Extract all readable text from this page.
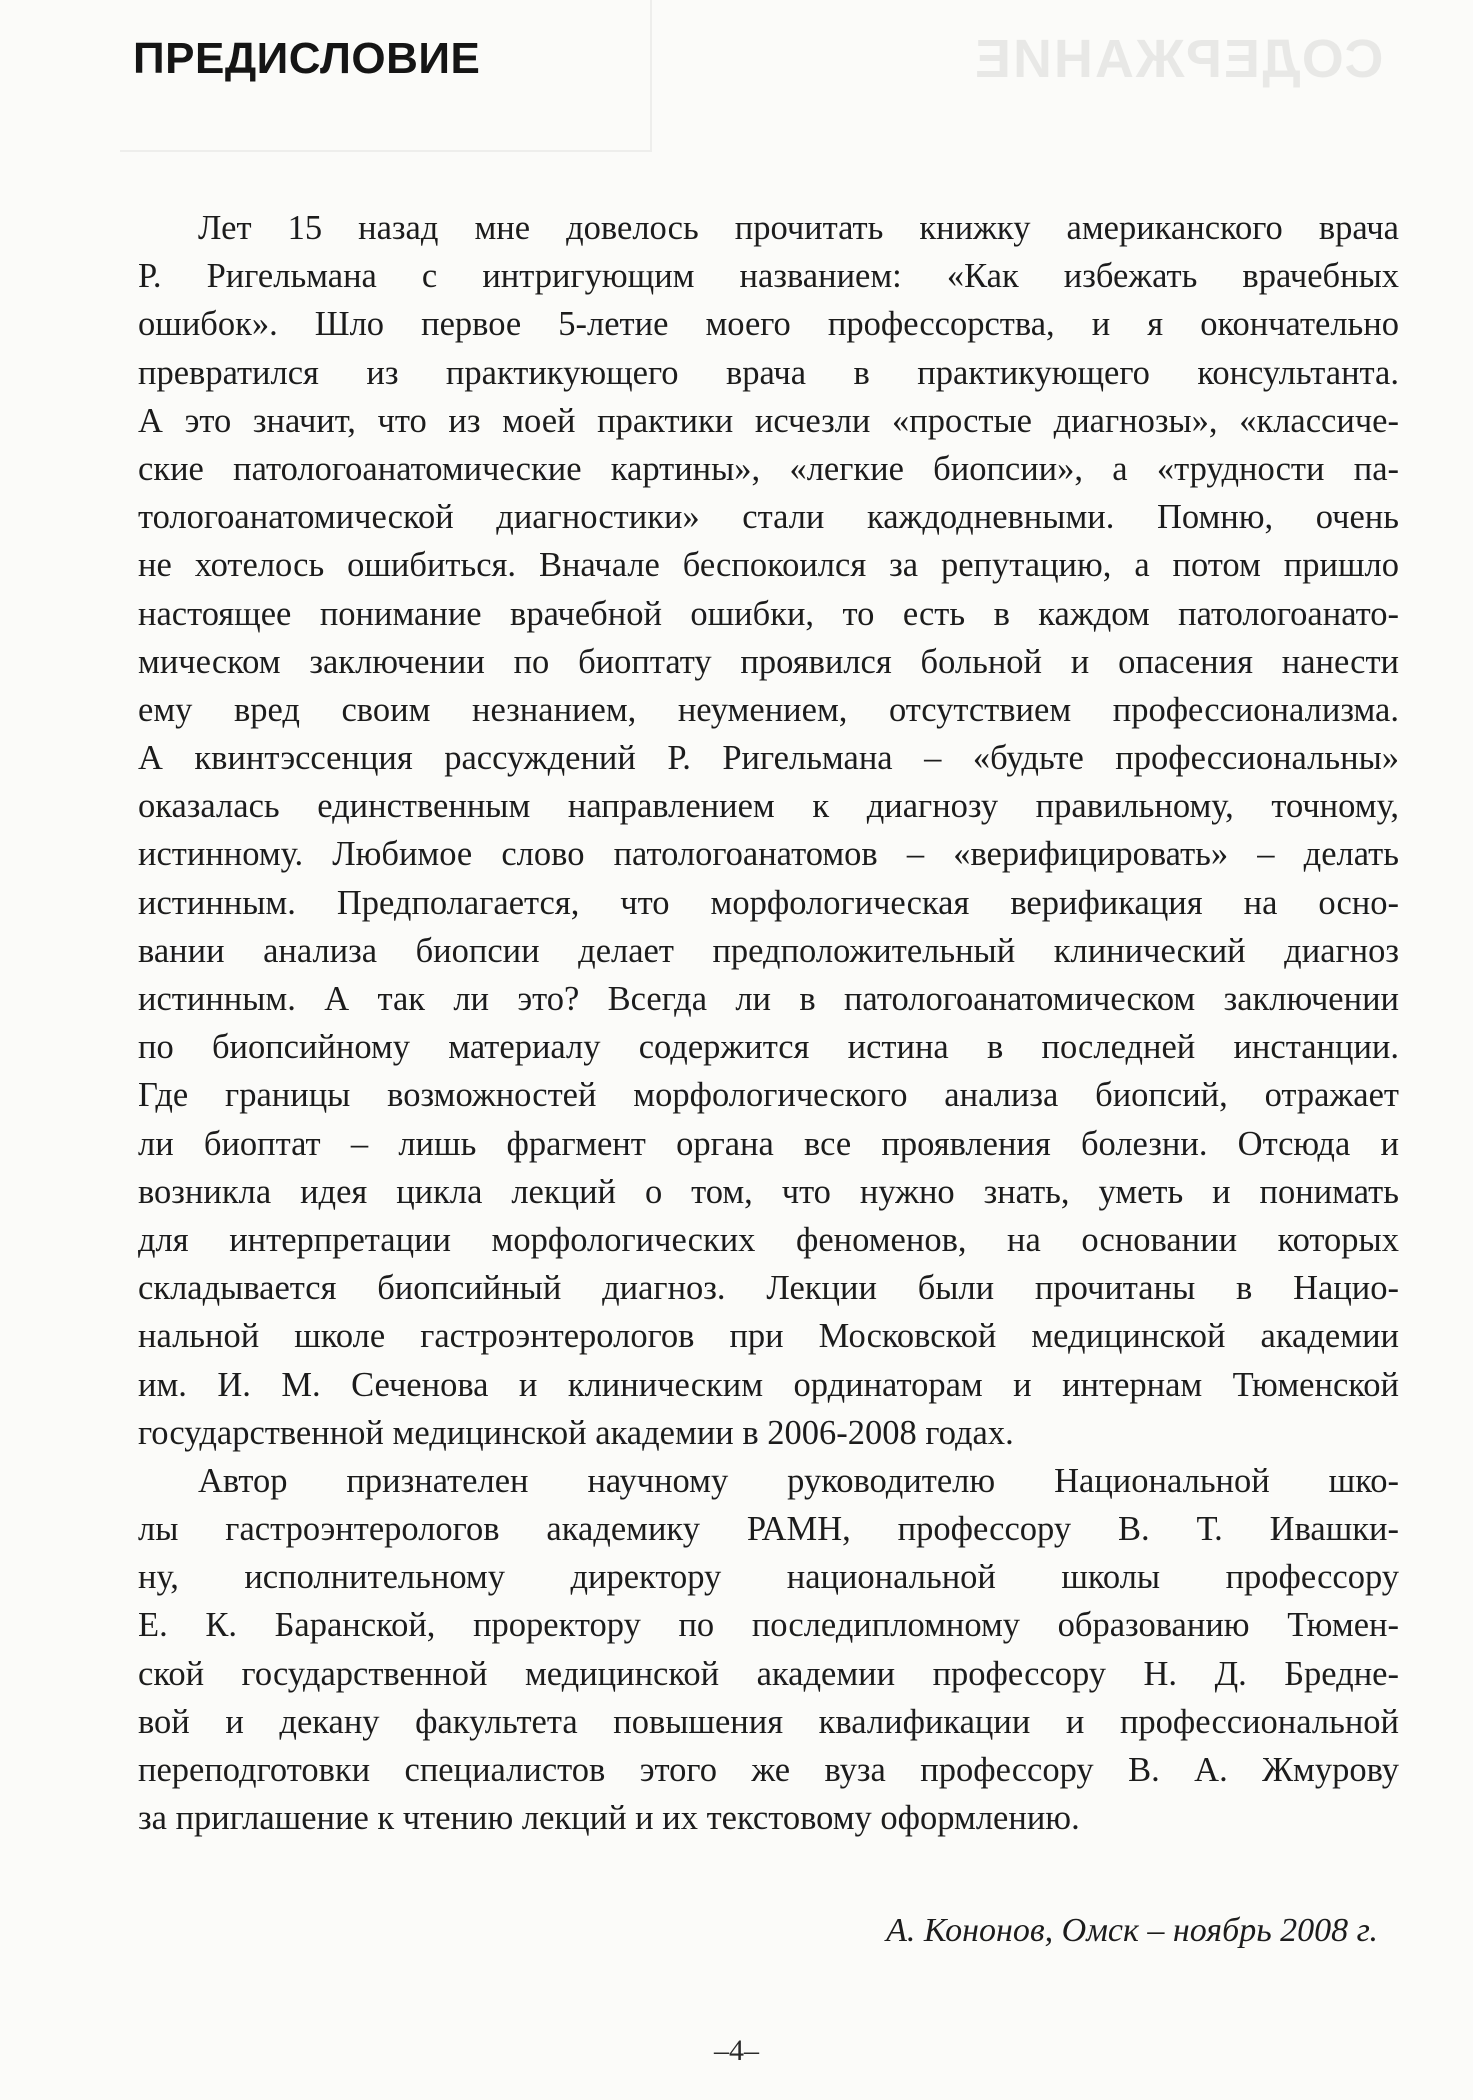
СОДЕРЖАНИЕ
ПРЕДИСЛОВИЕ
Лет 15 назад мне довелось прочитать книжку американского врача
Р. Ригельмана с интригующим названием: «Как избежать врачебных
ошибок». Шло первое 5-летие моего профессорства, и я окончательно
превратился из практикующего врача в практикующего консультанта.
А это значит, что из моей практики исчезли «простые диагнозы», «классиче-
ские патологоанатомические картины», «легкие биопсии», а «трудности па-
тологоанатомической диагностики» стали каждодневными. Помню, очень
не хотелось ошибиться. Вначале беспокоился за репутацию, а потом пришло
настоящее понимание врачебной ошибки, то есть в каждом патологоанато-
мическом заключении по биоптату проявился больной и опасения нанести
ему вред своим незнанием, неумением, отсутствием профессионализма.
А квинтэссенция рассуждений Р. Ригельмана – «будьте профессиональны»
оказалась единственным направлением к диагнозу правильному, точному,
истинному. Любимое слово патологоанатомов – «верифицировать» – делать
истинным. Предполагается, что морфологическая верификация на осно-
вании анализа биопсии делает предположительный клинический диагноз
истинным. А так ли это? Всегда ли в патологоанатомическом заключении
по биопсийному материалу содержится истина в последней инстанции.
Где границы возможностей морфологического анализа биопсий, отражает
ли биоптат – лишь фрагмент органа все проявления болезни. Отсюда и
возникла идея цикла лекций о том, что нужно знать, уметь и понимать
для интерпретации морфологических феноменов, на основании которых
складывается биопсийный диагноз. Лекции были прочитаны в Нацио-
нальной школе гастроэнтерологов при Московской медицинской академии
им. И. М. Сеченова и клиническим ординаторам и интернам Тюменской
государственной медицинской академии в 2006-2008 годах.
Автор признателен научному руководителю Национальной шко-
лы гастроэнтерологов академику РАМН, профессору В. Т. Ивашки-
ну, исполнительному директору национальной школы профессору
Е. К. Баранской, проректору по последипломному образованию Тюмен-
ской государственной медицинской академии профессору Н. Д. Бредне-
вой и декану факультета повышения квалификации и профессиональной
переподготовки специалистов этого же вуза профессору В. А. Жмурову
за приглашение к чтению лекций и их текстовому оформлению.

А. Кононов, Омск – ноябрь 2008 г.

–4–
